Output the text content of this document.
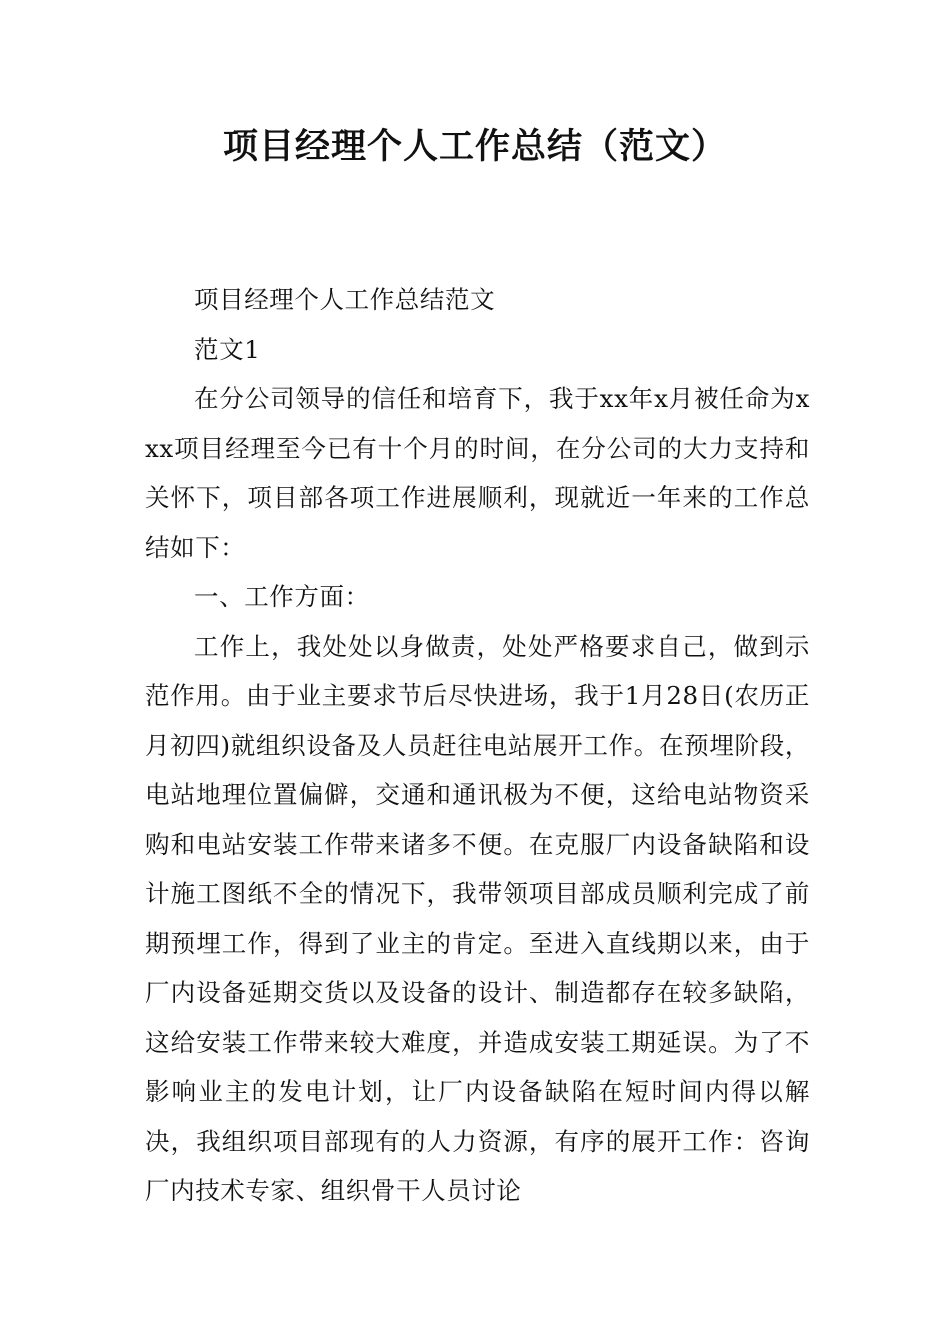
项目经理个人工作总结（范文）

项目经理个人工作总结范文

范文1

在分公司领导的信任和培育下，我于xx年x月被任命为xxx项目经理至今已有十个月的时间，在分公司的大力支持和关怀下，项目部各项工作进展顺利，现就近一年来的工作总结如下：

一、工作方面：

工作上，我处处以身做责，处处严格要求自己，做到示范作用。由于业主要求节后尽快进场，我于1月28日(农历正月初四)就组织设备及人员赶往电站展开工作。在预埋阶段，电站地理位置偏僻，交通和通讯极为不便，这给电站物资采购和电站安装工作带来诸多不便。在克服厂内设备缺陷和设计施工图纸不全的情况下，我带领项目部成员顺利完成了前期预埋工作，得到了业主的肯定。至进入直线期以来，由于厂内设备延期交货以及设备的设计、制造都存在较多缺陷，这给安装工作带来较大难度，并造成安装工期延误。为了不影响业主的发电计划，让厂内设备缺陷在短时间内得以解决，我组织项目部现有的人力资源，有序的展开工作：咨询厂内技术专家、组织骨干人员讨论
